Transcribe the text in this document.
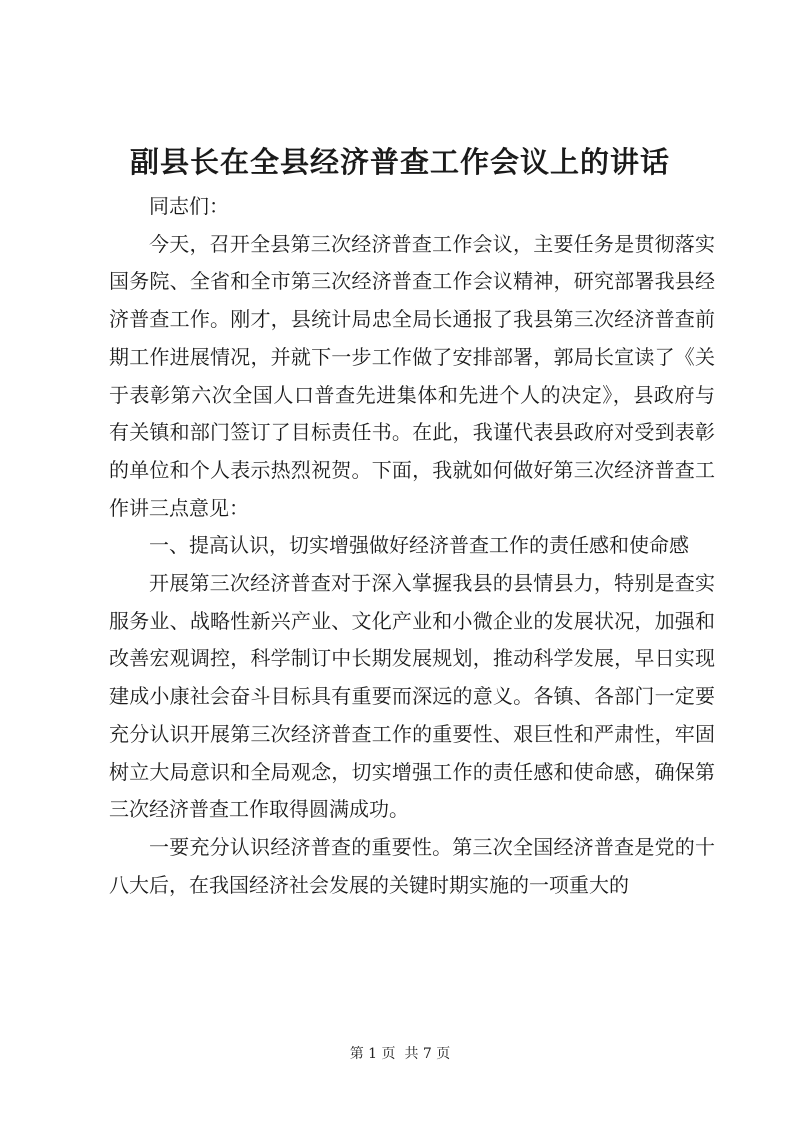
副县长在全县经济普查工作会议上的讲话

同志们：

今天，召开全县第三次经济普查工作会议，主要任务是贯彻落实国务院、全省和全市第三次经济普查工作会议精神，研究部署我县经济普查工作。刚才，县统计局忠全局长通报了我县第三次经济普查前期工作进展情况，并就下一步工作做了安排部署，郭局长宣读了《关于表彰第六次全国人口普查先进集体和先进个人的决定》，县政府与有关镇和部门签订了目标责任书。在此，我谨代表县政府对受到表彰的单位和个人表示热烈祝贺。下面，我就如何做好第三次经济普查工作讲三点意见：

一、提高认识，切实增强做好经济普查工作的责任感和使命感

开展第三次经济普查对于深入掌握我县的县情县力，特别是查实服务业、战略性新兴产业、文化产业和小微企业的发展状况，加强和改善宏观调控，科学制订中长期发展规划，推动科学发展，早日实现建成小康社会奋斗目标具有重要而深远的意义。各镇、各部门一定要充分认识开展第三次经济普查工作的重要性、艰巨性和严肃性，牢固树立大局意识和全局观念，切实增强工作的责任感和使命感，确保第三次经济普查工作取得圆满成功。

一要充分认识经济普查的重要性。第三次全国经济普查是党的十八大后，在我国经济社会发展的关键时期实施的一项重大的

第 1 页  共 7 页
